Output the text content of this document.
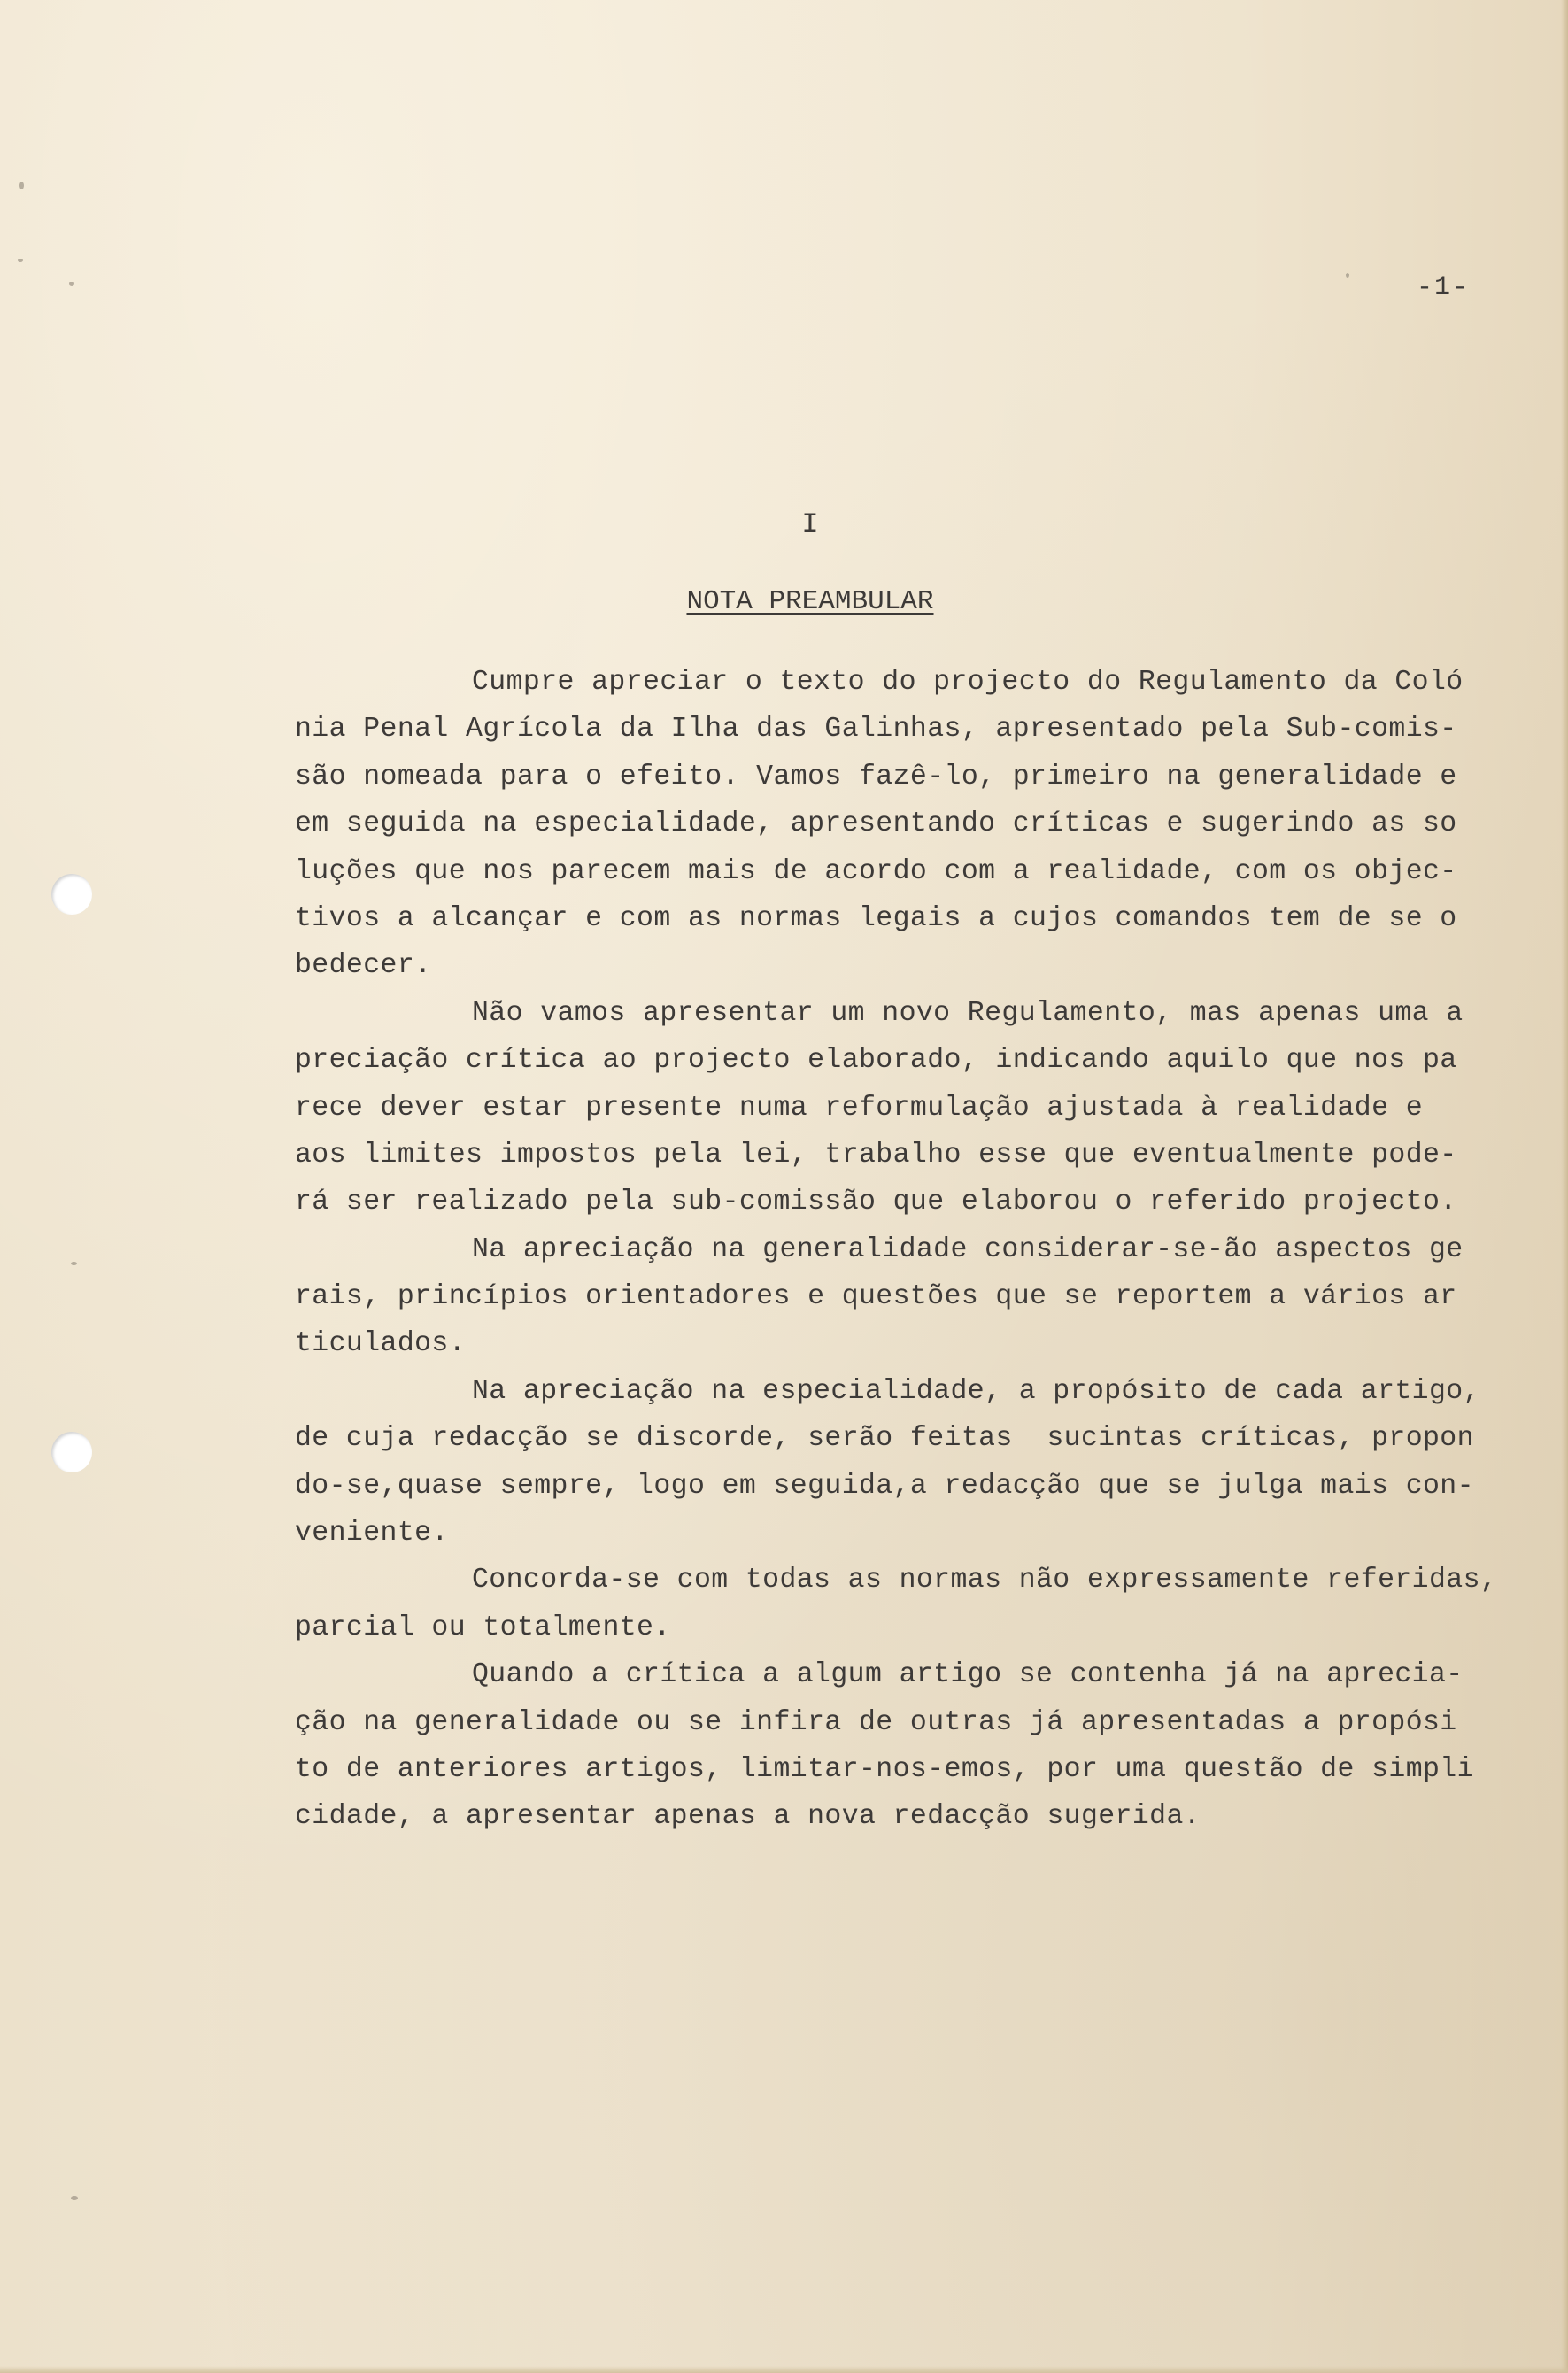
-1-
I
NOTA PREAMBULAR
Cumpre apreciar o texto do projecto do Regulamento da Coló
nia Penal Agrícola da Ilha das Galinhas, apresentado pela Sub-comis-
são nomeada para o efeito. Vamos fazê-lo, primeiro na generalidade e
em seguida na especialidade, apresentando críticas e sugerindo as so
luções que nos parecem mais de acordo com a realidade, com os objec-
tivos a alcançar e com as normas legais a cujos comandos tem de se o
bedecer.
Não vamos apresentar um novo Regulamento, mas apenas uma a
preciação crítica ao projecto elaborado, indicando aquilo que nos pa
rece dever estar presente numa reformulação ajustada à realidade e
aos limites impostos pela lei, trabalho esse que eventualmente pode-
rá ser realizado pela sub-comissão que elaborou o referido projecto.
Na apreciação na generalidade considerar-se-ão aspectos ge
rais, princípios orientadores e questões que se reportem a vários ar
ticulados.
Na apreciação na especialidade, a propósito de cada artigo,
de cuja redacção se discorde, serão feitas  sucintas críticas, propon
do-se,quase sempre, logo em seguida,a redacção que se julga mais con-
veniente.
Concorda-se com todas as normas não expressamente referidas,
parcial ou totalmente.
Quando a crítica a algum artigo se contenha já na aprecia-
ção na generalidade ou se infira de outras já apresentadas a propósi
to de anteriores artigos, limitar-nos-emos, por uma questão de simpli
cidade, a apresentar apenas a nova redacção sugerida.
